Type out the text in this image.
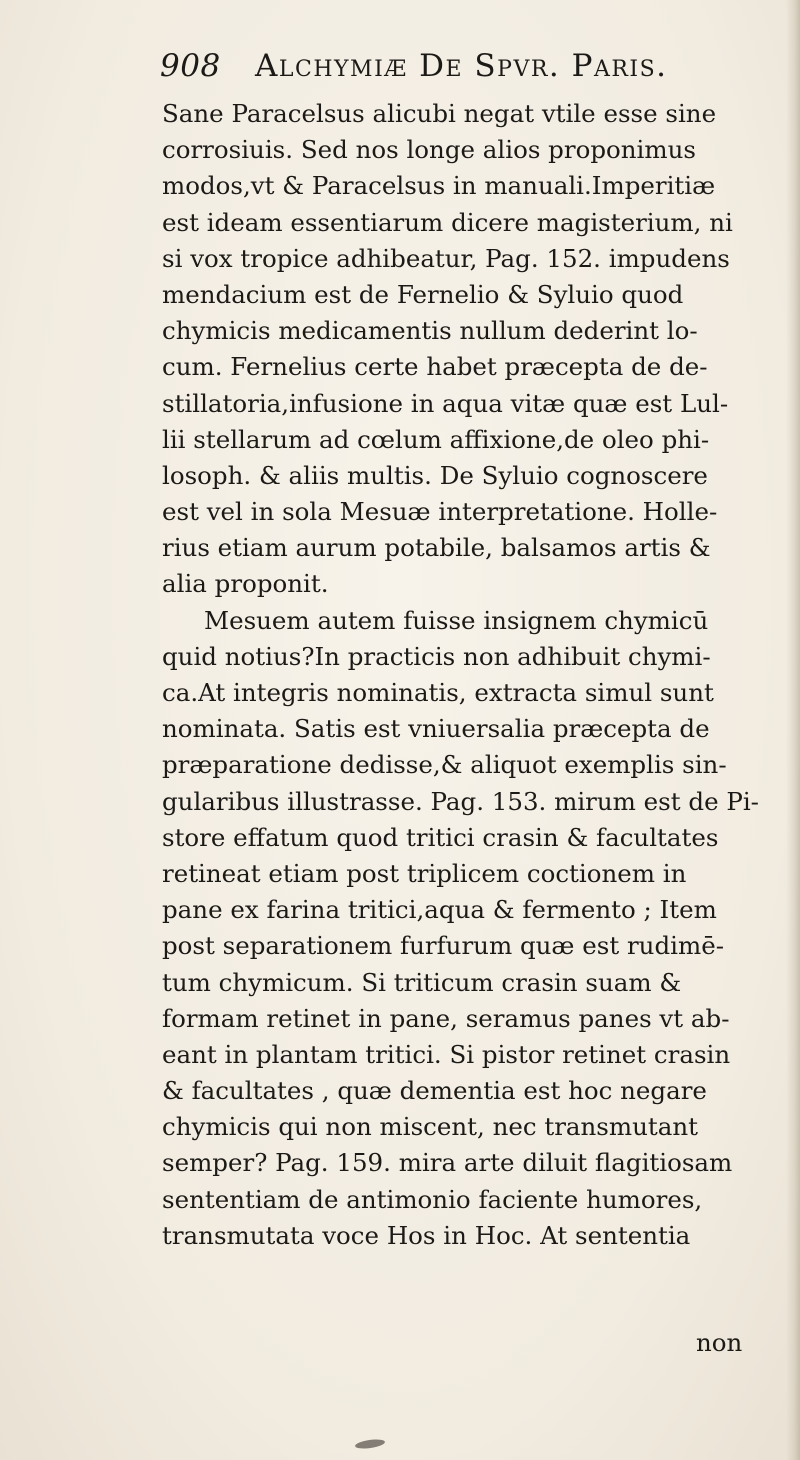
908 Alchymiæ De Spvr. Paris.
Sane Paracelsus alicubi negat vtile esse sine
corrosiuis. Sed nos longe alios proponimus
modos,vt & Paracelsus in manuali.Imperitiæ
est ideam essentiarum dicere magisterium, ni
si vox tropice adhibeatur, Pag. 152. impudens
mendacium est de Fernelio & Syluio quod
chymicis medicamentis nullum dederint lo-
cum. Fernelius certe habet præcepta de de-
stillatoria,infusione in aqua vitæ quæ est Lul-
lii stellarum ad cœlum affixione,de oleo phi-
losoph. & aliis multis. De Syluio cognoscere
est vel in sola Mesuæ interpretatione. Holle-
rius etiam aurum potabile, balsamos artis &
alia proponit.
Mesuem autem fuisse insignem chymicū
quid notius?In practicis non adhibuit chymi-
ca.At integris nominatis, extracta simul sunt
nominata. Satis est vniuersalia præcepta de
præparatione dedisse,& aliquot exemplis sin-
gularibus illustrasse. Pag. 153. mirum est de Pi-
store effatum quod tritici crasin & facultates
retineat etiam post triplicem coctionem in
pane ex farina tritici,aqua & fermento ; Item
post separationem furfurum quæ est rudimē-
tum chymicum. Si triticum crasin suam &
formam retinet in pane, seramus panes vt ab-
eant in plantam tritici. Si pistor retinet crasin
& facultates , quæ dementia est hoc negare
chymicis qui non miscent, nec transmutant
semper? Pag. 159. mira arte diluit flagitiosam
sententiam de antimonio faciente humores,
transmutata voce Hos in Hoc. At sententia
non
